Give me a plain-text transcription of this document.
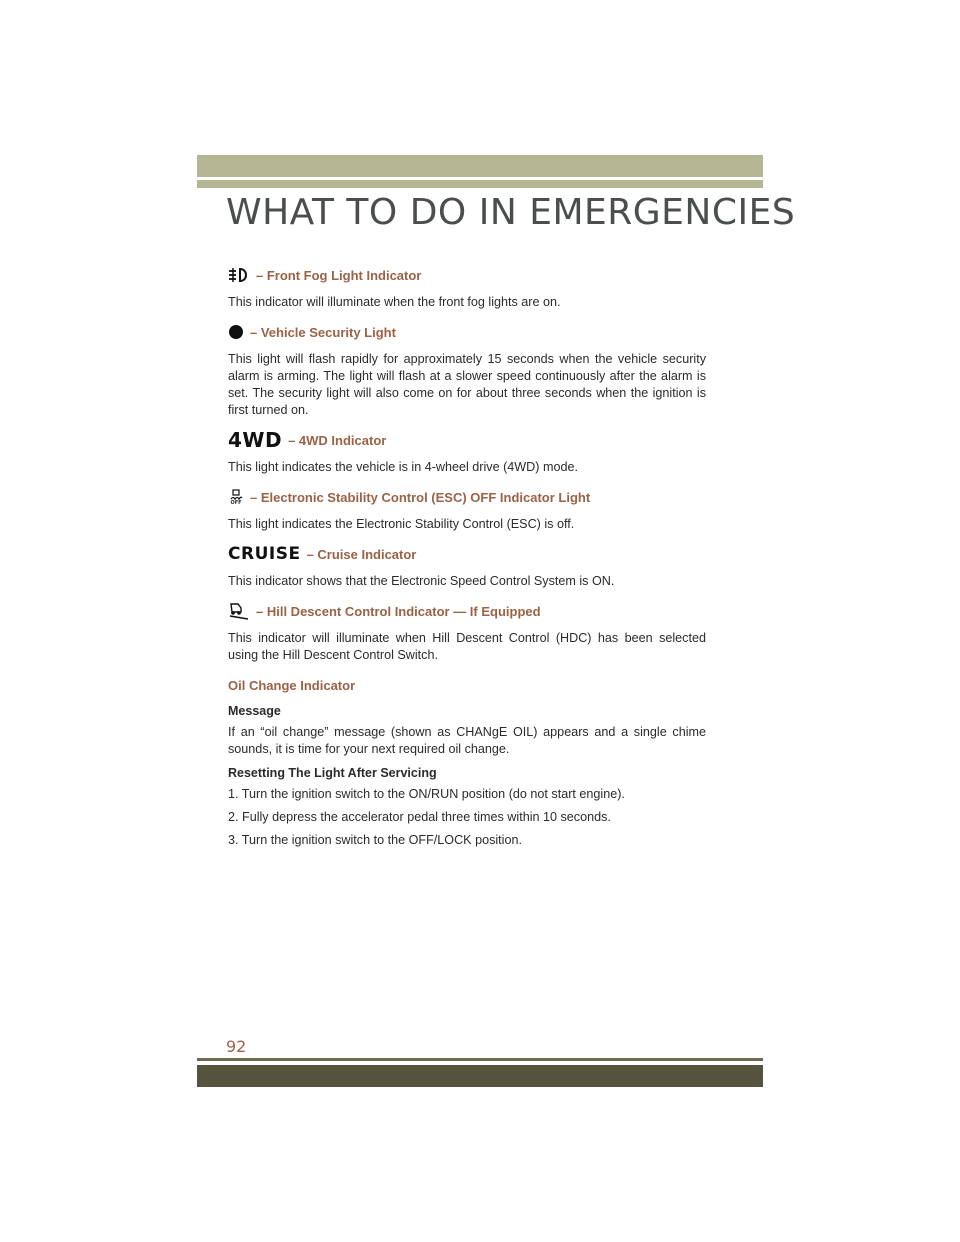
WHAT TO DO IN EMERGENCIES
– Front Fog Light Indicator

This indicator will illuminate when the front fog lights are on.

– Vehicle Security Light

This light will flash rapidly for approximately 15 seconds when the vehicle security alarm is arming. The light will flash at a slower speed continuously after the alarm is set. The security light will also come on for about three seconds when the ignition is first turned on.

4WD – 4WD Indicator

This light indicates the vehicle is in 4-wheel drive (4WD) mode.

OFF – Electronic Stability Control (ESC) OFF Indicator Light

This light indicates the Electronic Stability Control (ESC) is off.

CRUISE – Cruise Indicator

This indicator shows that the Electronic Speed Control System is ON.

– Hill Descent Control Indicator — If Equipped

This indicator will illuminate when Hill Descent Control (HDC) has been selected using the Hill Descent Control Switch.

Oil Change Indicator

Message

If an “oil change” message (shown as CHANgE OIL) appears and a single chime sounds, it is time for your next required oil change.

Resetting The Light After Servicing

1. Turn the ignition switch to the ON/RUN position (do not start engine).

2. Fully depress the accelerator pedal three times within 10 seconds.

3. Turn the ignition switch to the OFF/LOCK position.

92
